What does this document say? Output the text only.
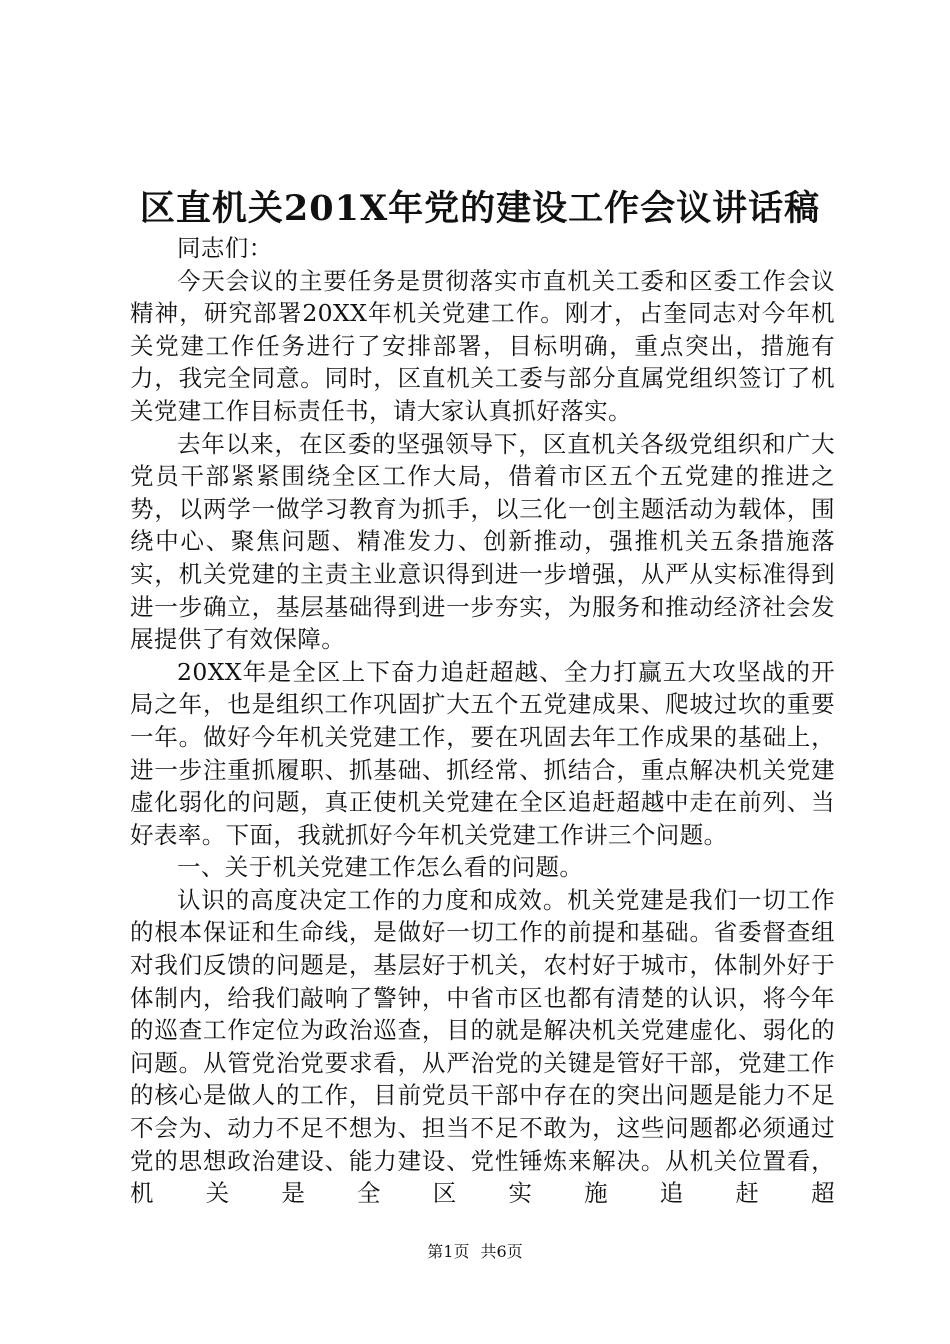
区直机关201X年党的建设工作会议讲话稿

同志们：

今天会议的主要任务是贯彻落实市直机关工委和区委工作会议精神，研究部署20XX年机关党建工作。刚才，占奎同志对今年机关党建工作任务进行了安排部署，目标明确，重点突出，措施有力，我完全同意。同时，区直机关工委与部分直属党组织签订了机关党建工作目标责任书，请大家认真抓好落实。

去年以来，在区委的坚强领导下，区直机关各级党组织和广大党员干部紧紧围绕全区工作大局，借着市区五个五党建的推进之势，以两学一做学习教育为抓手，以三化一创主题活动为载体，围绕中心、聚焦问题、精准发力、创新推动，强推机关五条措施落实，机关党建的主责主业意识得到进一步增强，从严从实标准得到进一步确立，基层基础得到进一步夯实，为服务和推动经济社会发展提供了有效保障。

20XX年是全区上下奋力追赶超越、全力打赢五大攻坚战的开局之年，也是组织工作巩固扩大五个五党建成果、爬坡过坎的重要一年。做好今年机关党建工作，要在巩固去年工作成果的基础上，进一步注重抓履职、抓基础、抓经常、抓结合，重点解决机关党建虚化弱化的问题，真正使机关党建在全区追赶超越中走在前列、当好表率。下面，我就抓好今年机关党建工作讲三个问题。

一、关于机关党建工作怎么看的问题。

认识的高度决定工作的力度和成效。机关党建是我们一切工作的根本保证和生命线，是做好一切工作的前提和基础。省委督查组对我们反馈的问题是，基层好于机关，农村好于城市，体制外好于体制内，给我们敲响了警钟，中省市区也都有清楚的认识，将今年的巡查工作定位为政治巡查，目的就是解决机关党建虚化、弱化的问题。从管党治党要求看，从严治党的关键是管好干部，党建工作的核心是做人的工作，目前党员干部中存在的突出问题是能力不足不会为、动力不足不想为、担当不足不敢为，这些问题都必须通过党的思想政治建设、能力建设、党性锤炼来解决。从机关位置看，机关是全区实施追赶超

第1页 共6页
